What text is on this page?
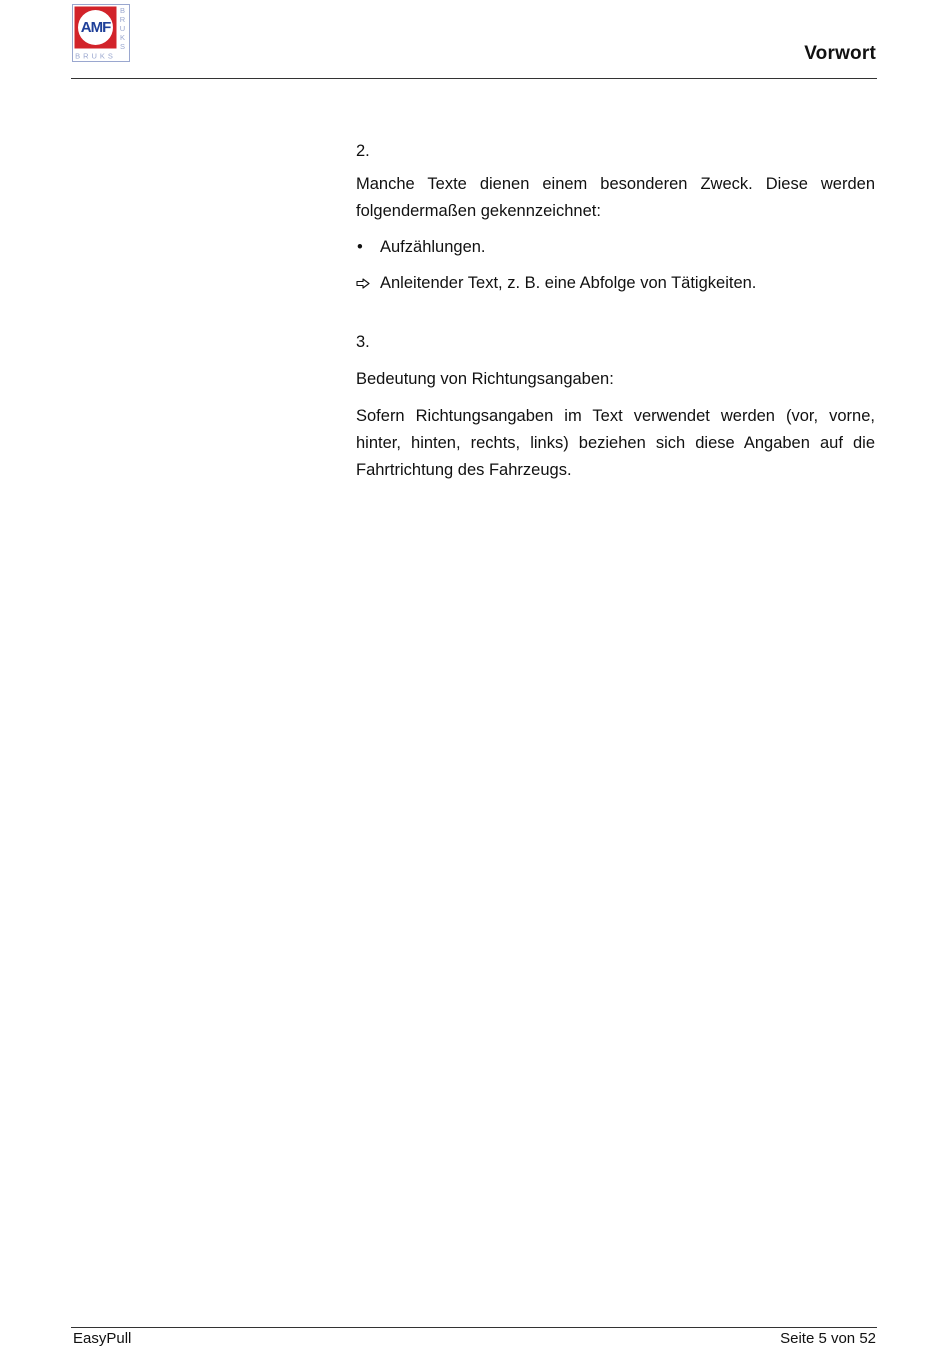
AMF
B R U K S
BRUKS	Vorwort

2.

Manche Texte dienen einem besonderen Zweck. Diese werden folgendermaßen gekennzeichnet:

• Aufzählungen.

Anleitender Text, z. B. eine Abfolge von Tätigkeiten.

3.

Bedeutung von Richtungsangaben:

Sofern Richtungsangaben im Text verwendet werden (vor, vorne, hinter, hinten, rechts, links) beziehen sich diese Angaben auf die Fahrtrichtung des Fahrzeugs.

EasyPull	Seite 5 von 52
